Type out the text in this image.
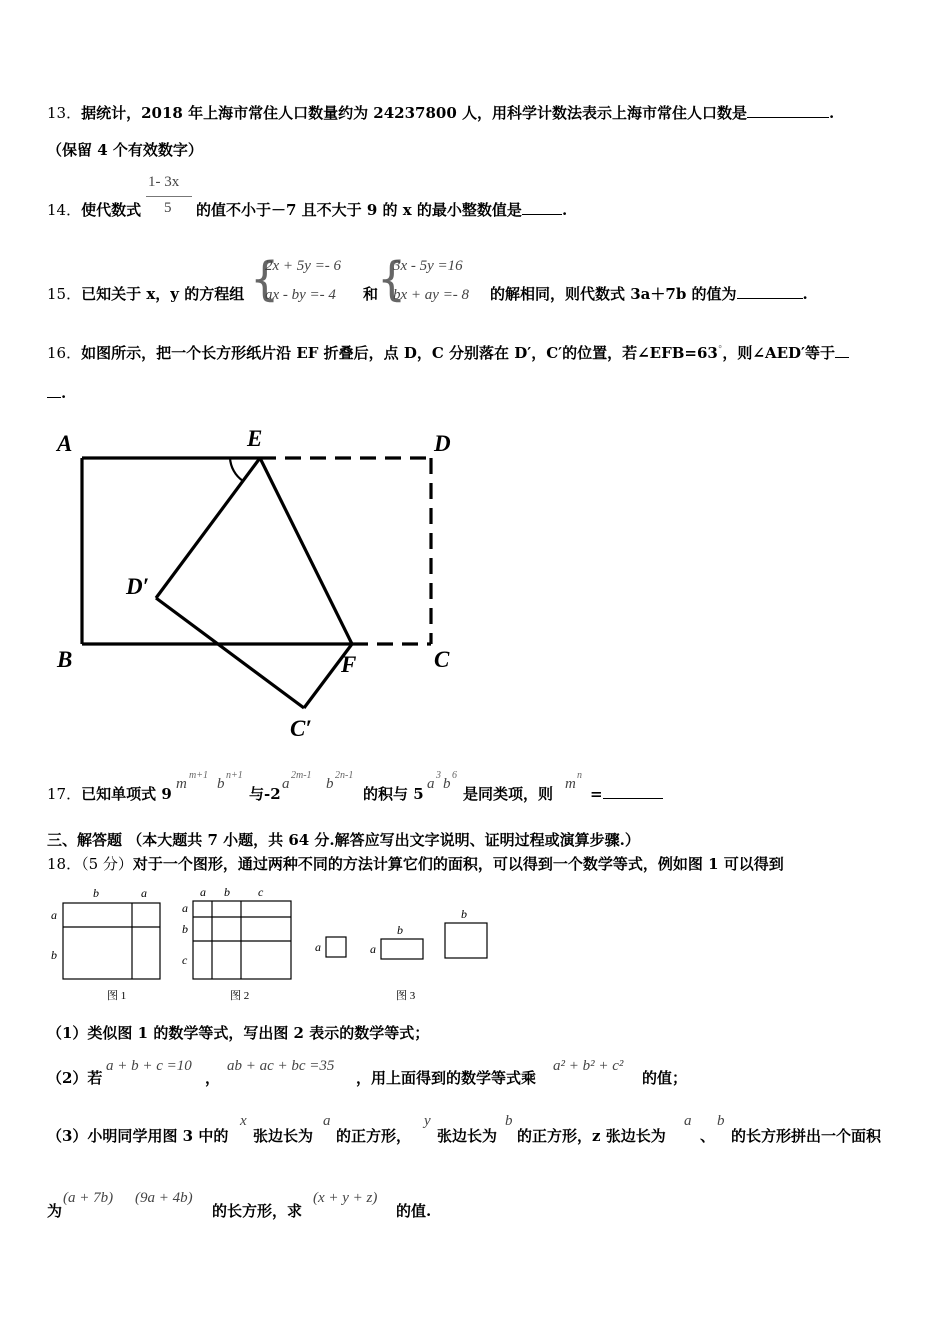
13．据统计，2018 年上海市常住人口数量约为 24237800 人，用科学计数法表示上海市常住人口数是	.
（保留 4 个有效数字）
14．使代数式
1- 3x
5 的值不小于－7 且不大于 9 的 x 的最小整数值是	.
15．已知关于 x，y 的方程组 {
2x + 5y =- 6
ax - by =- 4 和
{
3x - 5y =16
bx + ay =- 8 的解相同，则代数式 3a＋7b 的值为	.
16．如图所示，把一个长方形纸片沿 EF 折叠后，点 D，C 分别落在 D′，C′的位置，若∠EFB=63°，则∠AED′等于
.
A	E	D
D′
B	F	C
C′
17．已知单项式 9
m
m+1
b
n+1
与-2
a
2m-1
b
2n-1
的积与 5
a
3
b
6
是同类项，则
m
n
=
三、解答题 （本大题共 7 小题，共 64 分.解答应写出文字说明、证明过程或演算步骤.）
18．（5 分）对于一个图形，通过两种不同的方法计算它们的面积，可以得到一个数学等式，例如图 1 可以得到
b	a
a
b
a b c
a
b
c
a	a
b
b
图 1	图 2	图 3
（1）类似图 1 的数学等式，写出图 2 表示的数学等式；
（2）若
a + b + c =10
，
ab + ac + bc =35
，用上面得到的数学等式乘
a² + b² + c²
的值；
（3）小明同学用图 3 中的
x
张边长为
a
的正方形，
y
张边长为
b
的正方形，z 张边长为
a
、
b
的长方形拼出一个面积
为
(a + 7b) (9a + 4b)
的长方形，求
(x + y + z)
的值.
